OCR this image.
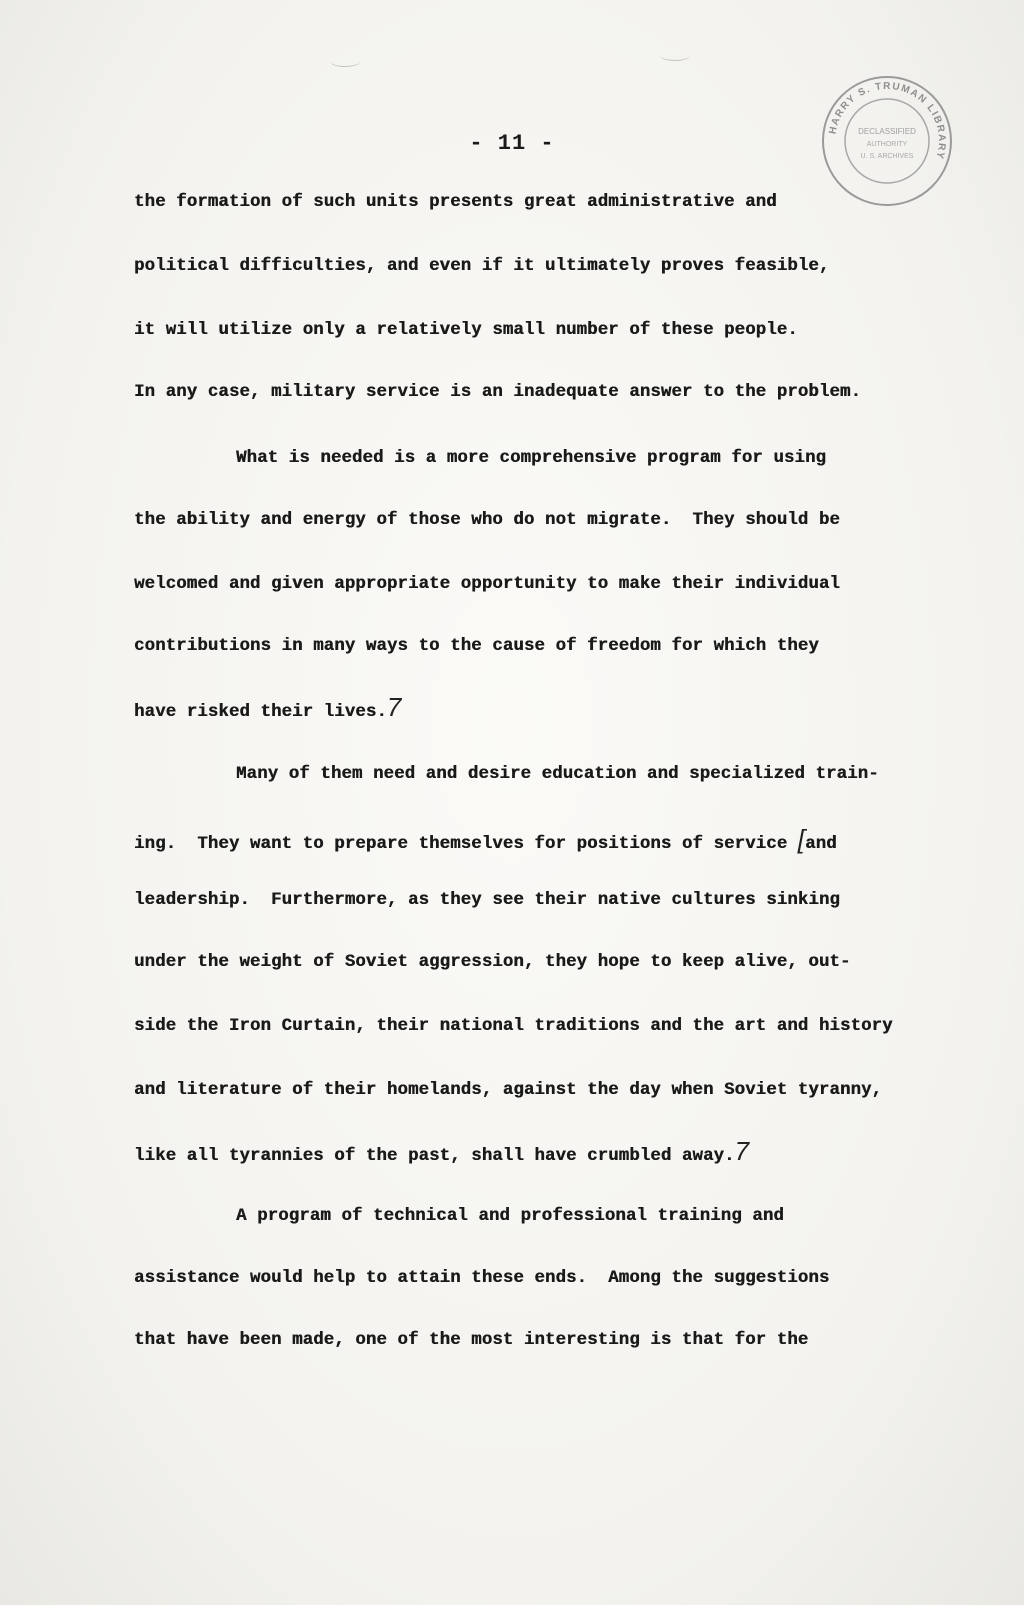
HARRY S. TRUMAN LIBRARY
DECLASSIFIED
AUTHORITY
U. S. ARCHIVES
- 11 -
the formation of such units presents great administrative and
political difficulties, and even if it ultimately proves feasible,
it will utilize only a relatively small number of these people.
In any case, military service is an inadequate answer to the problem.
What is needed is a more comprehensive program for using
the ability and energy of those who do not migrate.  They should be
welcomed and given appropriate opportunity to make their individual
contributions in many ways to the cause of freedom for which they
have risked their lives.7
Many of them need and desire education and specialized train-
ing.  They want to prepare themselves for positions of service [and
leadership.  Furthermore, as they see their native cultures sinking
under the weight of Soviet aggression, they hope to keep alive, out-
side the Iron Curtain, their national traditions and the art and history
and literature of their homelands, against the day when Soviet tyranny,
like all tyrannies of the past, shall have crumbled away.7
A program of technical and professional training and
assistance would help to attain these ends.  Among the suggestions
that have been made, one of the most interesting is that for the
